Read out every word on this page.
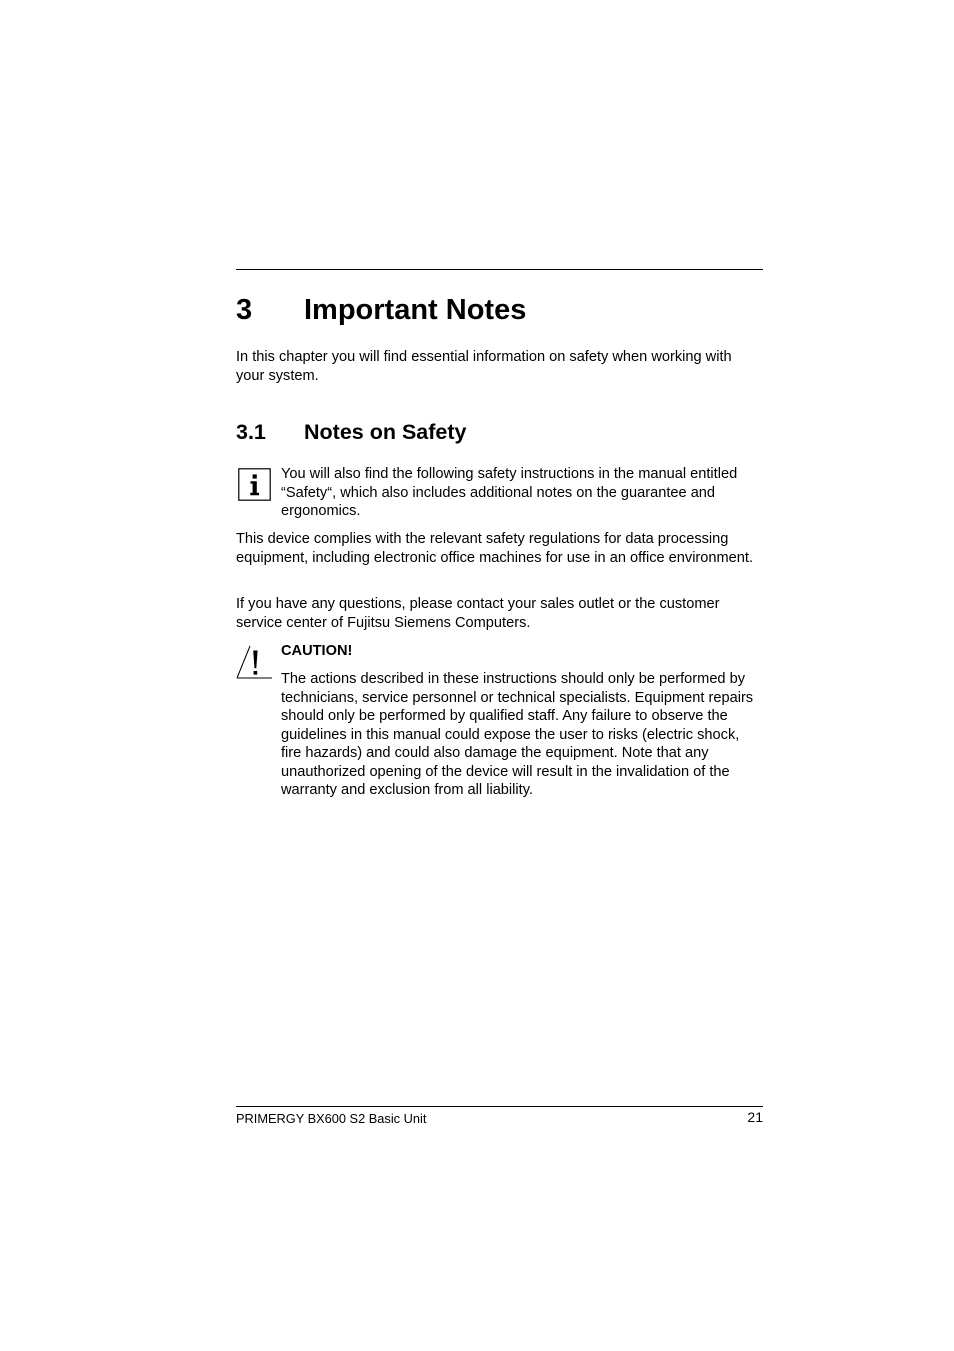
3 Important Notes

In this chapter you will find essential information on safety when working with your system.

3.1 Notes on Safety

You will also find the following safety instructions in the manual entitled “Safety“, which also includes additional notes on the guarantee and ergonomics.

This device complies with the relevant safety regulations for data processing equipment, including electronic office machines for use in an office environment.

If you have any questions, please contact your sales outlet or the customer service center of Fujitsu Siemens Computers.

CAUTION!

The actions described in these instructions should only be performed by technicians, service personnel or technical specialists. Equipment repairs should only be performed by qualified staff. Any failure to observe the guidelines in this manual could expose the user to risks (electric shock, fire hazards) and could also damage the equipment. Note that any unauthorized opening of the device will result in the invalidation of the warranty and exclusion from all liability.

PRIMERGY BX600 S2 Basic Unit	21
